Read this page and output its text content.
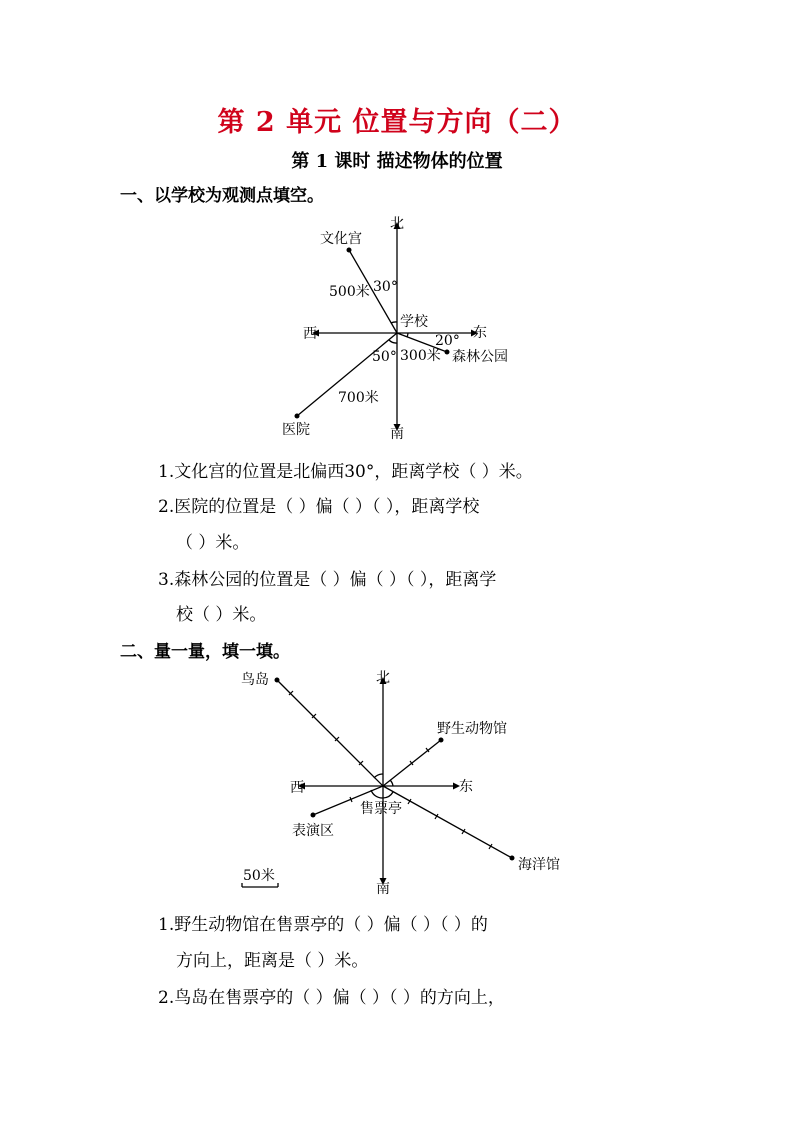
第 2 单元 位置与方向（二）
第 1 课时 描述物体的位置
一、以学校为观测点填空。
北
南
东
西
学校
文化宫
500米 30°
森林公园
300米
20°
医院
700米
50°
北
南
东
西
售票亭
鸟岛
野生动物馆
表演区
海洋馆
50米
1.文化宫的位置是北偏西30°，距离学校（ ）米。
2.医院的位置是（ ）偏（ ）（ ），距离学校
（ ）米。
3.森林公园的位置是（ ）偏（ ）（ ），距离学
校（ ）米。
二、量一量，填一填。
1.野生动物馆在售票亭的（ ）偏（ ）（ ）的
方向上，距离是（ ）米。
2.鸟岛在售票亭的（ ）偏（ ）（ ）的方向上，
